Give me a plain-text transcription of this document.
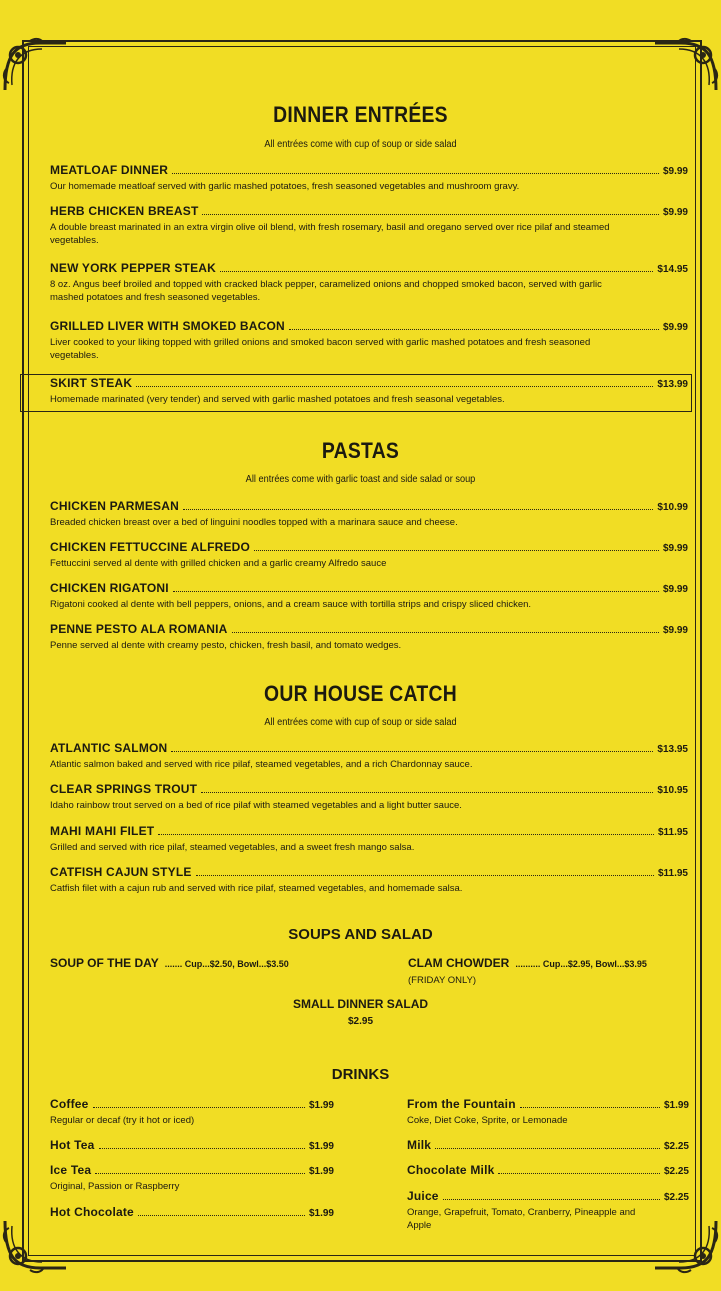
DINNER ENTRÉES
All entrées come with cup of soup or side salad
MEATLOAF DINNER	$9.99
Our homemade meatloaf served with garlic mashed potatoes, fresh seasoned vegetables and mushroom gravy.
HERB CHICKEN BREAST	$9.99
A double breast marinated in an extra virgin olive oil blend, with fresh rosemary, basil and oregano served over rice pilaf and steamed vegetables.
NEW YORK PEPPER STEAK	$14.95
8 oz. Angus beef broiled and topped with cracked black pepper, caramelized onions and chopped smoked bacon, served with garlic mashed potatoes and fresh seasoned vegetables.
GRILLED LIVER WITH SMOKED BACON	$9.99
Liver cooked to your liking topped with grilled onions and smoked bacon served with garlic mashed potatoes and fresh seasoned vegetables.
SKIRT STEAK	$13.99
Homemade marinated (very tender) and served with garlic mashed potatoes and fresh seasonal vegetables.
PASTAS
All entrées come with garlic toast and side salad or soup
CHICKEN PARMESAN	$10.99
Breaded chicken breast over a bed of linguini noodles topped with a marinara sauce and cheese.
CHICKEN FETTUCCINE ALFREDO	$9.99
Fettuccini served al dente with grilled chicken and a garlic creamy Alfredo sauce
CHICKEN RIGATONI	$9.99
Rigatoni cooked al dente with bell peppers, onions, and a cream sauce with tortilla strips and crispy sliced chicken.
PENNE PESTO ALA ROMANIA	$9.99
Penne served al dente with creamy pesto, chicken, fresh basil, and tomato wedges.
OUR HOUSE CATCH
All entrées come with cup of soup or side salad
ATLANTIC SALMON	$13.95
Atlantic salmon baked and served with rice pilaf, steamed vegetables, and a rich Chardonnay sauce.
CLEAR SPRINGS TROUT	$10.95
Idaho rainbow trout served on a bed of rice pilaf with steamed vegetables and a light butter sauce.
MAHI MAHI FILET	$11.95
Grilled and served with rice pilaf, steamed vegetables, and a sweet fresh mango salsa.
CATFISH CAJUN STYLE	$11.95
Catfish filet with a cajun rub and served with rice pilaf, steamed vegetables, and homemade salsa.
SOUPS AND SALAD
SOUP OF THE DAY ....... Cup...$2.50, Bowl...$3.50	CLAM CHOWDER .......... Cup...$2.95, Bowl...$3.95
(FRIDAY ONLY)
SMALL DINNER SALAD
$2.95
DRINKS
Coffee	$1.99
Regular or decaf (try it hot or iced)
Hot Tea	$1.99
Ice Tea	$1.99
Original, Passion or Raspberry
Hot Chocolate	$1.99
From the Fountain	$1.99
Coke, Diet Coke, Sprite, or Lemonade
Milk	$2.25
Chocolate Milk	$2.25
Juice	$2.25
Orange, Grapefruit, Tomato, Cranberry, Pineapple and Apple
